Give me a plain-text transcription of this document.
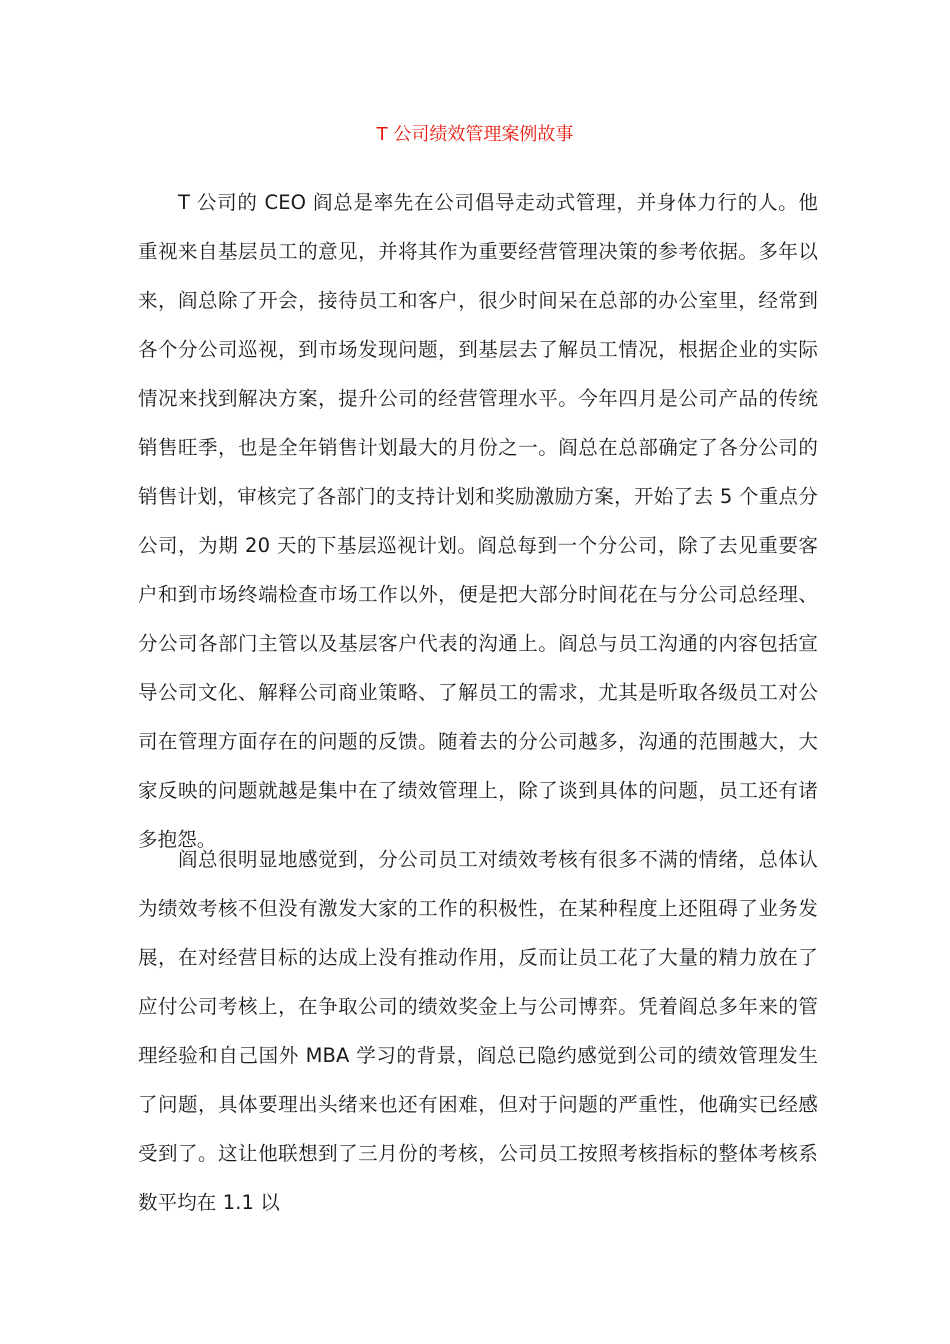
T 公司绩效管理案例故事

T 公司的 CEO 阎总是率先在公司倡导走动式管理，并身体力行的人。他重视来自基层员工的意见，并将其作为重要经营管理决策的参考依据。多年以来，阎总除了开会，接待员工和客户，很少时间呆在总部的办公室里，经常到各个分公司巡视，到市场发现问题，到基层去了解员工情况，根据企业的实际情况来找到解决方案，提升公司的经营管理水平。今年四月是公司产品的传统销售旺季，也是全年销售计划最大的月份之一。阎总在总部确定了各分公司的销售计划，审核完了各部门的支持计划和奖励激励方案，开始了去 5 个重点分公司，为期 20 天的下基层巡视计划。阎总每到一个分公司，除了去见重要客户和到市场终端检查市场工作以外，便是把大部分时间花在与分公司总经理、分公司各部门主管以及基层客户代表的沟通上。阎总与员工沟通的内容包括宣导公司文化、解释公司商业策略、了解员工的需求，尤其是听取各级员工对公司在管理方面存在的问题的反馈。随着去的分公司越多，沟通的范围越大，大家反映的问题就越是集中在了绩效管理上，除了谈到具体的问题，员工还有诸多抱怨。

阎总很明显地感觉到，分公司员工对绩效考核有很多不满的情绪，总体认为绩效考核不但没有激发大家的工作的积极性，在某种程度上还阻碍了业务发展，在对经营目标的达成上没有推动作用，反而让员工花了大量的精力放在了应付公司考核上，在争取公司的绩效奖金上与公司博弈。凭着阎总多年来的管理经验和自己国外 MBA 学习的背景，阎总已隐约感觉到公司的绩效管理发生了问题，具体要理出头绪来也还有困难，但对于问题的严重性，他确实已经感受到了。这让他联想到了三月份的考核，公司员工按照考核指标的整体考核系数平均在 1.1 以
